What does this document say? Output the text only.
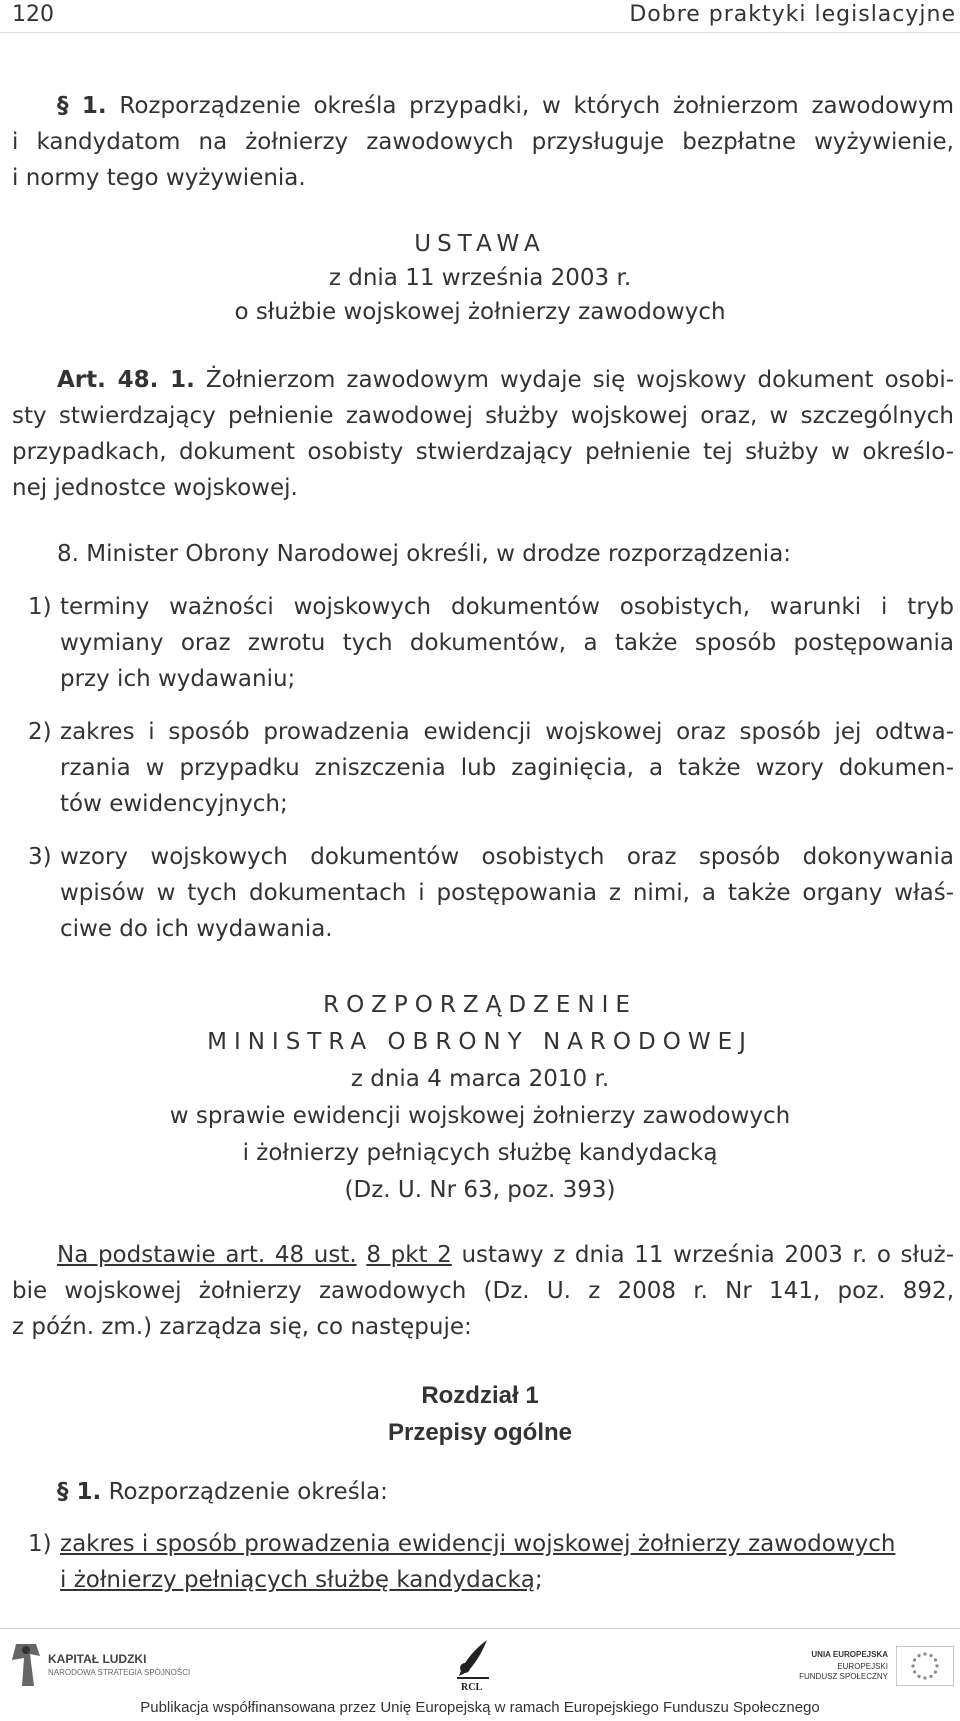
120	Dobre praktyki legislacyjne
§ 1. Rozporządzenie określa przypadki, w których żołnierzom zawodowym
i kandydatom na żołnierzy zawodowych przysługuje bezpłatne wyżywienie,
i normy tego wyżywienia.
USTAWA
z dnia 11 września 2003 r.
o służbie wojskowej żołnierzy zawodowych
Art. 48. 1. Żołnierzom zawodowym wydaje się wojskowy dokument osobi-
sty stwierdzający pełnienie zawodowej służby wojskowej oraz, w szczególnych
przypadkach, dokument osobisty stwierdzający pełnienie tej służby w określo-
nej jednostce wojskowej.
8. Minister Obrony Narodowej określi, w drodze rozporządzenia:
1) terminy ważności wojskowych dokumentów osobistych, warunki i tryb
wymiany oraz zwrotu tych dokumentów, a także sposób postępowania
przy ich wydawaniu;
2) zakres i sposób prowadzenia ewidencji wojskowej oraz sposób jej odtwa-
rzania w przypadku zniszczenia lub zaginięcia, a także wzory dokumen-
tów ewidencyjnych;
3) wzory wojskowych dokumentów osobistych oraz sposób dokonywania
wpisów w tych dokumentach i postępowania z nimi, a także organy właś-
ciwe do ich wydawania.
ROZPORZĄDZENIE
MINISTRA OBRONY NARODOWEJ
z dnia 4 marca 2010 r.
w sprawie ewidencji wojskowej żołnierzy zawodowych
i żołnierzy pełniących służbę kandydacką
(Dz. U. Nr 63, poz. 393)
Na podstawie art. 48 ust. 8 pkt 2 ustawy z dnia 11 września 2003 r. o służ-
bie wojskowej żołnierzy zawodowych (Dz. U. z 2008 r. Nr 141, poz. 892,
z późn. zm.) zarządza się, co następuje:
Rozdział 1
Przepisy ogólne
§ 1. Rozporządzenie określa:
1) zakres i sposób prowadzenia ewidencji wojskowej żołnierzy zawodowych
i żołnierzy pełniących służbę kandydacką;
KAPITAŁ LUDZKI
NARODOWA STRATEGIA SPÓJNOŚCI
RCL
UNIA EUROPEJSKA
EUROPEJSKI
FUNDUSZ SPOŁECZNY
Publikacja współfinansowana przez Unię Europejską w ramach Europejskiego Funduszu Społecznego
